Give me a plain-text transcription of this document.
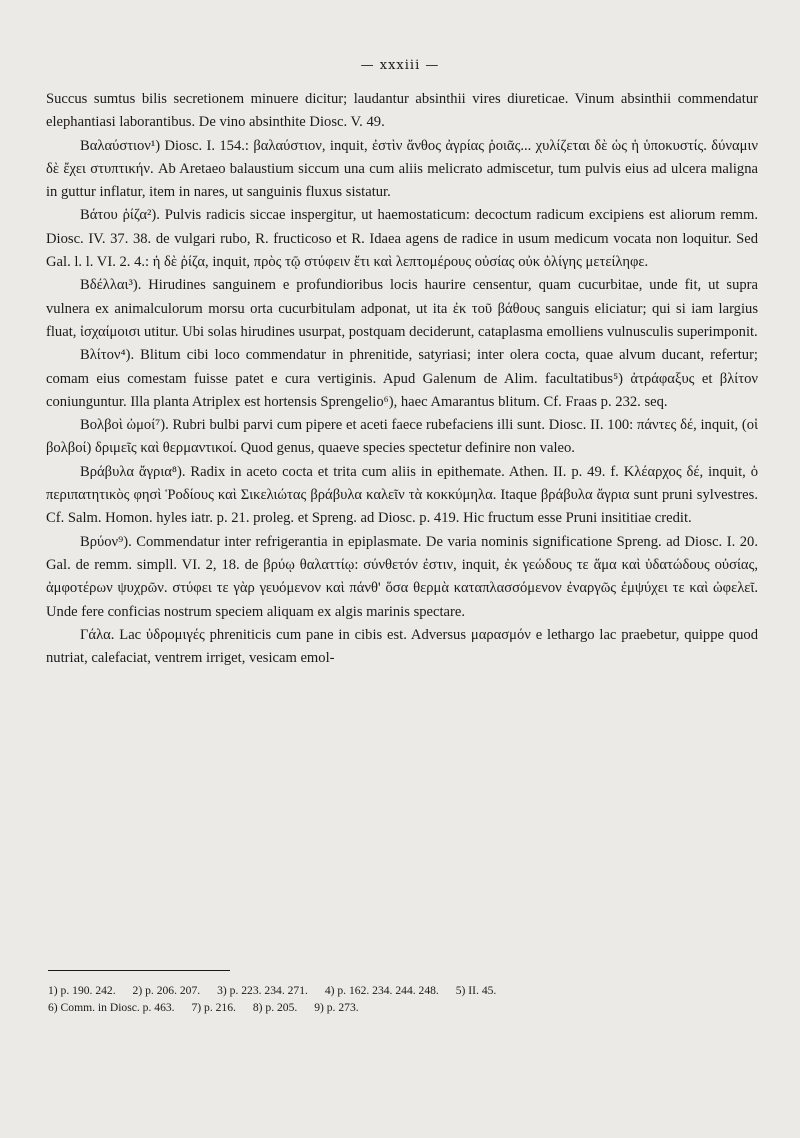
— xxxiii —

Succus sumtus bilis secretionem minuere dicitur; laudantur absinthii vires diureticae. Vinum absinthii commendatur elephantiasi laborantibus. De vino absinthite Diosc. V. 49.

Βαλαύστιον¹) Diosc. I. 154.: βαλαύστιον, inquit, ἐστὶν ἄνθος ἀγρίας ῥοιᾶς... χυλίζεται δὲ ὡς ἡ ὑποκυστίς. δύναμιν δὲ ἔχει στυπτικήν. Ab Aretaeo balaustium siccum una cum aliis melicrato admiscetur, tum pulvis eius ad ulcera maligna in guttur inflatur, item in nares, ut sanguinis fluxus sistatur.

Βάτου ῥίζα²). Pulvis radicis siccae inspergitur, ut haemostaticum: decoctum radicum excipiens est aliorum remm. Diosc. IV. 37. 38. de vulgari rubo, R. fructicoso et R. Idaea agens de radice in usum medicum vocata non loquitur. Sed Gal. l. l. VI. 2. 4.: ἡ δὲ ῥίζα, inquit, πρὸς τῷ στύφειν ἔτι καὶ λεπτομέρους οὐσίας οὐκ ὀλίγης μετείληφε.

Βδέλλαι³). Hirudines sanguinem e profundioribus locis haurire censentur, quam cucurbitae, unde fit, ut supra vulnera ex animalculorum morsu orta cucurbitulam adponat, ut ita ἐκ τοῦ βάθους sanguis eliciatur; qui si iam largius fluat, ἰσχαίμοισι utitur. Ubi solas hirudines usurpat, postquam deciderunt, cataplasma emolliens vulnusculis superimponit.

Βλίτον⁴). Blitum cibi loco commendatur in phrenitide, satyriasi; inter olera cocta, quae alvum ducant, refertur; comam eius comestam fuisse patet e cura vertiginis. Apud Galenum de Alim. facultatibus⁵) ἀτράφαξυς et βλίτον coniunguntur. Illa planta Atriplex est hortensis Sprengelio⁶), haec Amarantus blitum. Cf. Fraas p. 232. seq.

Βολβοὶ ὠμοί⁷). Rubri bulbi parvi cum pipere et aceti faece rubefaciens illi sunt. Diosc. II. 100: πάντες δέ, inquit, (οἱ βολβοί) δριμεῖς καὶ θερμαντικοί. Quod genus, quaeve species spectetur definire non valeo.

Βράβυλα ἄγρια⁸). Radix in aceto cocta et trita cum aliis in epithemate. Athen. II. p. 49. f. Κλέαρχος δέ, inquit, ὁ περιπατητικὸς φησὶ Ῥοδίους καὶ Σικελιώτας βράβυλα καλεῖν τὰ κοκκύμηλα. Itaque βράβυλα ἄγρια sunt pruni sylvestres. Cf. Salm. Homon. hyles iatr. p. 21. proleg. et Spreng. ad Diosc. p. 419. Hic fructum esse Pruni insititiae credit.

Βρύον⁹). Commendatur inter refrigerantia in epiplasmate. De varia nominis significatione Spreng. ad Diosc. I. 20. Gal. de remm. simpll. VI. 2, 18. de βρύῳ θαλαττίῳ: σύνθετόν ἐστιν, inquit, ἐκ γεώδους τε ἅμα καὶ ὑδατώδους οὐσίας, ἀμφοτέρων ψυχρῶν. στύφει τε γὰρ γευόμενον καὶ πάνθ' ὅσα θερμὰ καταπλασσόμενον ἐναργῶς ἐμψύχει τε καὶ ὠφελεῖ. Unde fere conficias nostrum speciem aliquam ex algis marinis spectare.

Γάλα. Lac ὑδρομιγές phreniticis cum pane in cibis est. Adversus μαρασμόν e lethargo lac praebetur, quippe quod nutriat, calefaciat, ventrem irriget, vesicam emol-

1) p. 190. 242. 2) p. 206. 207. 3) p. 223. 234. 271. 4) p. 162. 234. 244. 248. 5) II. 45.
6) Comm. in Diosc. p. 463. 7) p. 216. 8) p. 205. 9) p. 273.
